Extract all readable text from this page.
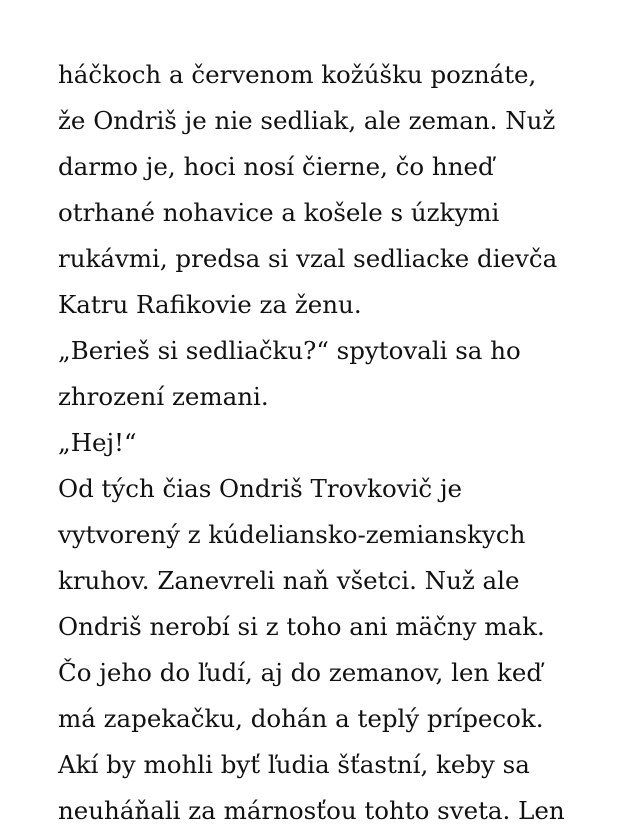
háčkoch a červenom kožúšku poznáte,
že Ondriš je nie sedliak, ale zeman. Nuž
darmo je, hoci nosí čierne, čo hneď
otrhané nohavice a košele s úzkymi
rukávmi, predsa si vzal sedliacke dievča
Katru Rafikovie za ženu.
„Berieš si sedliačku?“ spytovali sa ho
zhrození zemani.
„Hej!“
Od tých čias Ondriš Trovkovič je
vytvorený z kúdeliansko-zemianskych
kruhov. Zanevreli naň všetci. Nuž ale
Ondriš nerobí si z toho ani mäčny mak.
Čo jeho do ľudí, aj do zemanov, len keď
má zapekačku, dohán a teplý prípecok.
Akí by mohli byť ľudia šťastní, keby sa
neuháňali za márnosťou tohto sveta. Len
